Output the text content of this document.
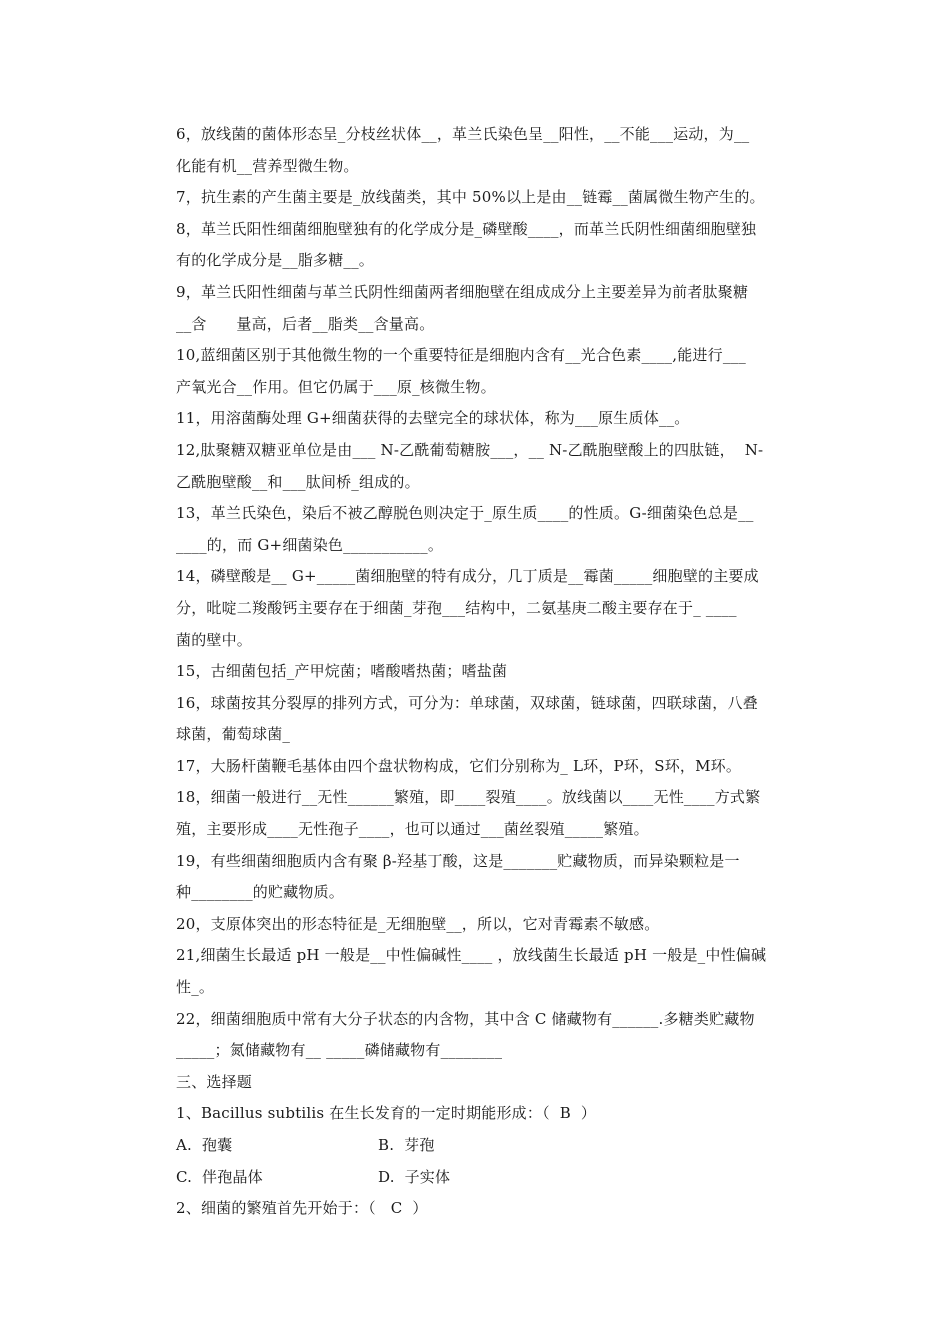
6，放线菌的菌体形态呈_分枝丝状体__，革兰氏染色呈__阳性，__不能___运动，为__
化能有机__营养型微生物。
7，抗生素的产生菌主要是_放线菌类，其中 50%以上是由__链霉__菌属微生物产生的。
8，革兰氏阳性细菌细胞壁独有的化学成分是_磷壁酸____，而革兰氏阴性细菌细胞壁独
有的化学成分是__脂多糖__。
9，革兰氏阳性细菌与革兰氏阴性细菌两者细胞壁在组成成分上主要差异为前者肽聚糖
__含      量高，后者__脂类__含量高。
10,蓝细菌区别于其他微生物的一个重要特征是细胞内含有__光合色素____,能进行___
产氧光合__作用。但它仍属于___原_核微生物。
11，用溶菌酶处理 G+细菌获得的去壁完全的球状体，称为___原生质体__。
12,肽聚糖双糖亚单位是由___ N-乙酰葡萄糖胺___，__ N-乙酰胞壁酸上的四肽链，  N-
乙酰胞壁酸__和___肽间桥_组成的。
13，革兰氏染色，染后不被乙醇脱色则决定于_原生质____的性质。G-细菌染色总是__
____的，而 G+细菌染色___________。
14，磷壁酸是__ G+_____菌细胞壁的特有成分，几丁质是__霉菌_____细胞壁的主要成
分，吡啶二羧酸钙主要存在于细菌_芽孢___结构中，二氨基庚二酸主要存在于_ ____
菌的壁中。
15，古细菌包括_产甲烷菌；嗜酸嗜热菌；嗜盐菌
16，球菌按其分裂厚的排列方式，可分为：单球菌，双球菌，链球菌，四联球菌，八叠
球菌，葡萄球菌_
17，大肠杆菌鞭毛基体由四个盘状物构成，它们分别称为_ L环，P环，S环，M环。
18，细菌一般进行__无性______繁殖，即____裂殖____。放线菌以____无性____方式繁
殖，主要形成____无性孢子____，也可以通过___菌丝裂殖_____繁殖。
19，有些细菌细胞质内含有聚 β-羟基丁酸，这是_______贮藏物质，而异染颗粒是一
种________的贮藏物质。
20，支原体突出的形态特征是_无细胞壁__，所以，它对青霉素不敏感。
21,细菌生长最适 pH 一般是__中性偏碱性____ ，放线菌生长最适 pH 一般是_中性偏碱
性_。
22，细菌细胞质中常有大分子状态的内含物，其中含 C 储藏物有______.多糖类贮藏物
_____；氮储藏物有__ _____磷储藏物有________
三、选择题
1、Bacillus subtilis 在生长发育的一定时期能形成：（  B  ）
A.  孢囊	B.  芽孢
C.  伴孢晶体	D.  子实体
2、细菌的繁殖首先开始于：（   C  ）
